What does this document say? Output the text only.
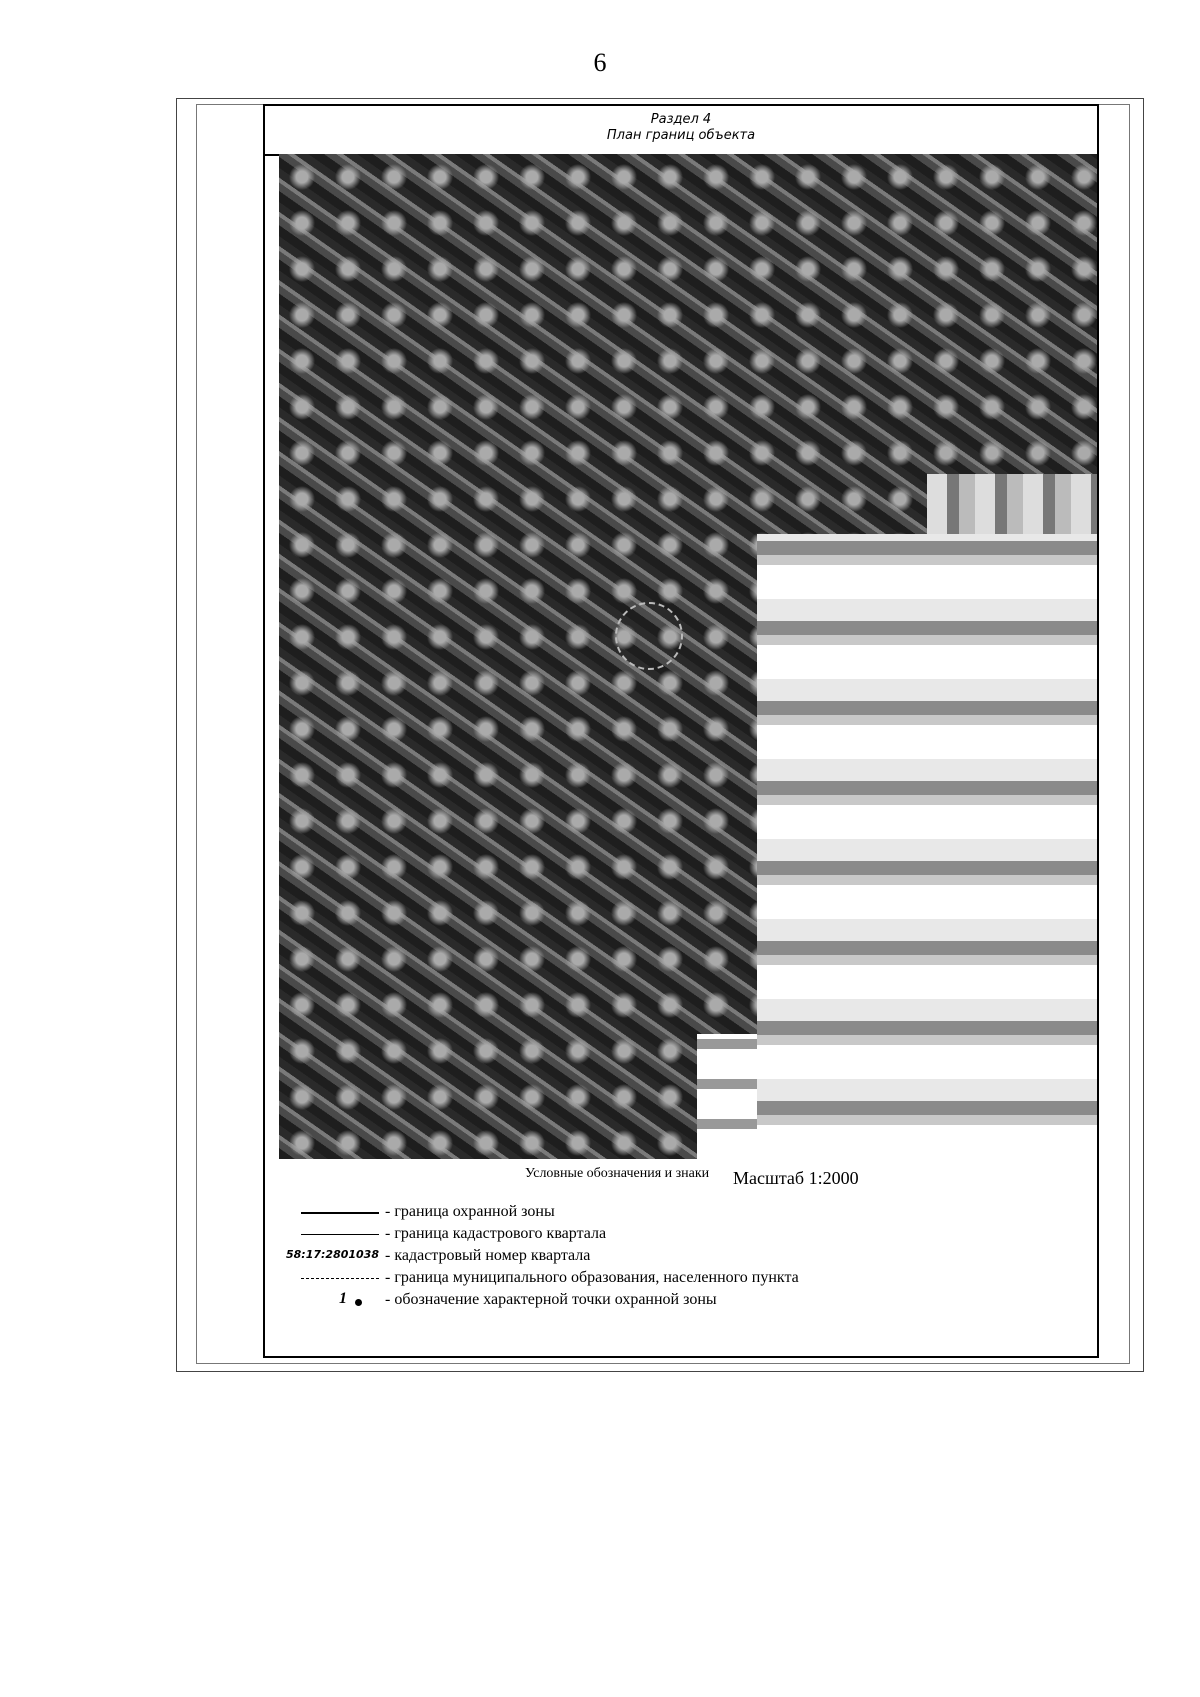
6
Раздел 4
План границ объекта
Условные обозначения и знаки Масштаб 1:2000
- граница охранной зоны
- граница кадастрового квартала
58:17:2801038 - кадастровый номер квартала
- граница муниципального образования, населенного пункта
1 - обозначение характерной точки охранной зоны
